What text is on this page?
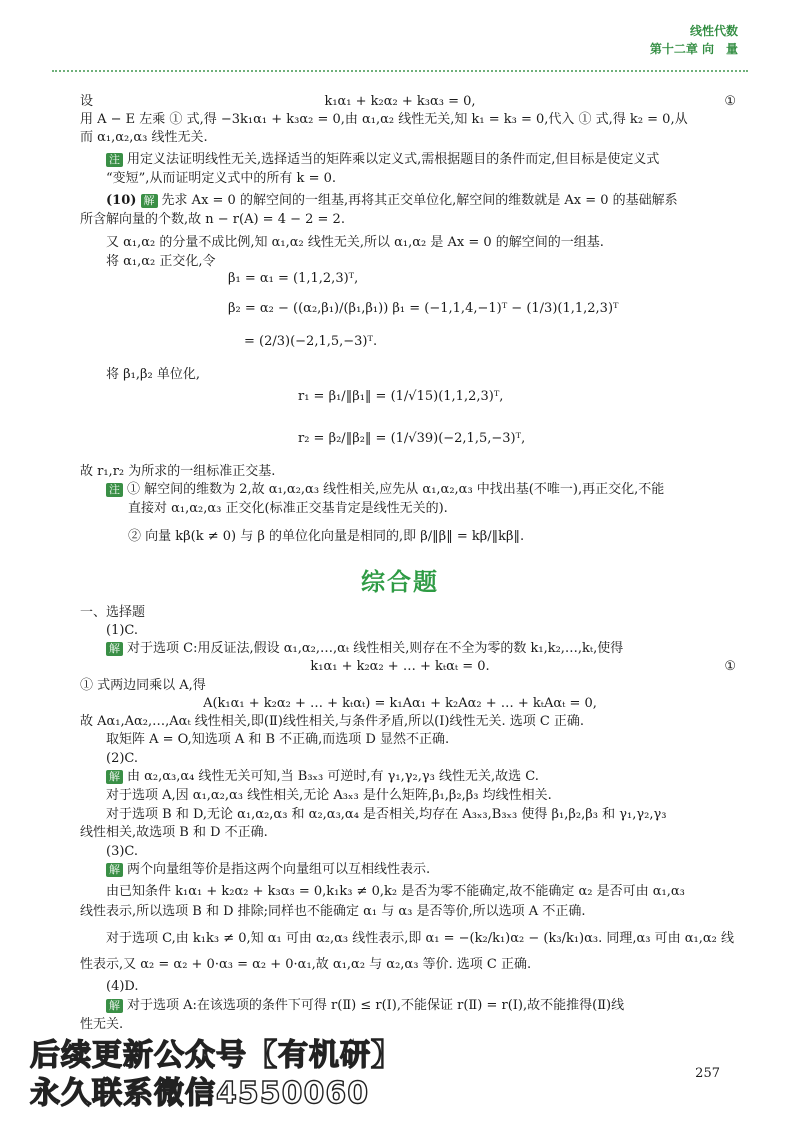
线性代数
第十二章 向　量
设	k₁α₁ + k₂α₂ + k₃α₃ = 0,	①
用 A − E 左乘 ① 式,得 −3k₁α₁ + k₃α₂ = 0,由 α₁,α₂ 线性无关,知 k₁ = k₃ = 0,代入 ① 式,得 k₂ = 0,从
而 α₁,α₂,α₃ 线性无关.
注 用定义法证明线性无关,选择适当的矩阵乘以定义式,需根据题目的条件而定,但目标是使定义式
“变短”,从而证明定义式中的所有 k = 0.
(10) 解 先求 Ax = 0 的解空间的一组基,再将其正交单位化,解空间的维数就是 Ax = 0 的基础解系
所含解向量的个数,故 n − r(A) = 4 − 2 = 2.
又 α₁,α₂ 的分量不成比例,知 α₁,α₂ 线性无关,所以 α₁,α₂ 是 Ax = 0 的解空间的一组基.
将 α₁,α₂ 正交化,令
β₁ = α₁ = (1,1,2,3)ᵀ,
β₂ = α₂ − ((α₂,β₁)/(β₁,β₁)) β₁ = (−1,1,4,−1)ᵀ − (1/3)(1,1,2,3)ᵀ
= (2/3)(−2,1,5,−3)ᵀ.
将 β₁,β₂ 单位化,
r₁ = β₁/‖β₁‖ = (1/√15)(1,1,2,3)ᵀ,
r₂ = β₂/‖β₂‖ = (1/√39)(−2,1,5,−3)ᵀ,
故 r₁,r₂ 为所求的一组标准正交基.
注 ① 解空间的维数为 2,故 α₁,α₂,α₃ 线性相关,应先从 α₁,α₂,α₃ 中找出基(不唯一),再正交化,不能
直接对 α₁,α₂,α₃ 正交化(标准正交基肯定是线性无关的).
② 向量 kβ(k ≠ 0) 与 β 的单位化向量是相同的,即 β/‖β‖ = kβ/‖kβ‖.
综合题
一、选择题
(1)C.
解 对于选项 C:用反证法,假设 α₁,α₂,…,αₜ 线性相关,则存在不全为零的数 k₁,k₂,…,kₜ,使得
k₁α₁ + k₂α₂ + … + kₜαₜ = 0.	①
① 式两边同乘以 A,得
A(k₁α₁ + k₂α₂ + … + kₜαₜ) = k₁Aα₁ + k₂Aα₂ + … + kₜAαₜ = 0,
故 Aα₁,Aα₂,…,Aαₜ 线性相关,即(Ⅱ)线性相关,与条件矛盾,所以(Ⅰ)线性无关. 选项 C 正确.
取矩阵 A = O,知选项 A 和 B 不正确,而选项 D 显然不正确.
(2)C.
解 由 α₂,α₃,α₄ 线性无关可知,当 B₃ₓ₃ 可逆时,有 γ₁,γ₂,γ₃ 线性无关,故选 C.
对于选项 A,因 α₁,α₂,α₃ 线性相关,无论 A₃ₓ₃ 是什么矩阵,β₁,β₂,β₃ 均线性相关.
对于选项 B 和 D,无论 α₁,α₂,α₃ 和 α₂,α₃,α₄ 是否相关,均存在 A₃ₓ₃,B₃ₓ₃ 使得 β₁,β₂,β₃ 和 γ₁,γ₂,γ₃
线性相关,故选项 B 和 D 不正确.
(3)C.
解 两个向量组等价是指这两个向量组可以互相线性表示.
由已知条件 k₁α₁ + k₂α₂ + k₃α₃ = 0,k₁k₃ ≠ 0,k₂ 是否为零不能确定,故不能确定 α₂ 是否可由 α₁,α₃
线性表示,所以选项 B 和 D 排除;同样也不能确定 α₁ 与 α₃ 是否等价,所以选项 A 不正确.
对于选项 C,由 k₁k₃ ≠ 0,知 α₁ 可由 α₂,α₃ 线性表示,即 α₁ = −(k₂/k₁)α₂ − (k₃/k₁)α₃. 同理,α₃ 可由 α₁,α₂ 线
性表示,又 α₂ = α₂ + 0·α₃ = α₂ + 0·α₁,故 α₁,α₂ 与 α₂,α₃ 等价. 选项 C 正确.
(4)D.
解 对于选项 A:在该选项的条件下可得 r(Ⅱ) ≤ r(Ⅰ),不能保证 r(Ⅱ) = r(Ⅰ),故不能推得(Ⅱ)线
性无关.
257
后续更新公众号【有机研】
永久联系微信4550060
